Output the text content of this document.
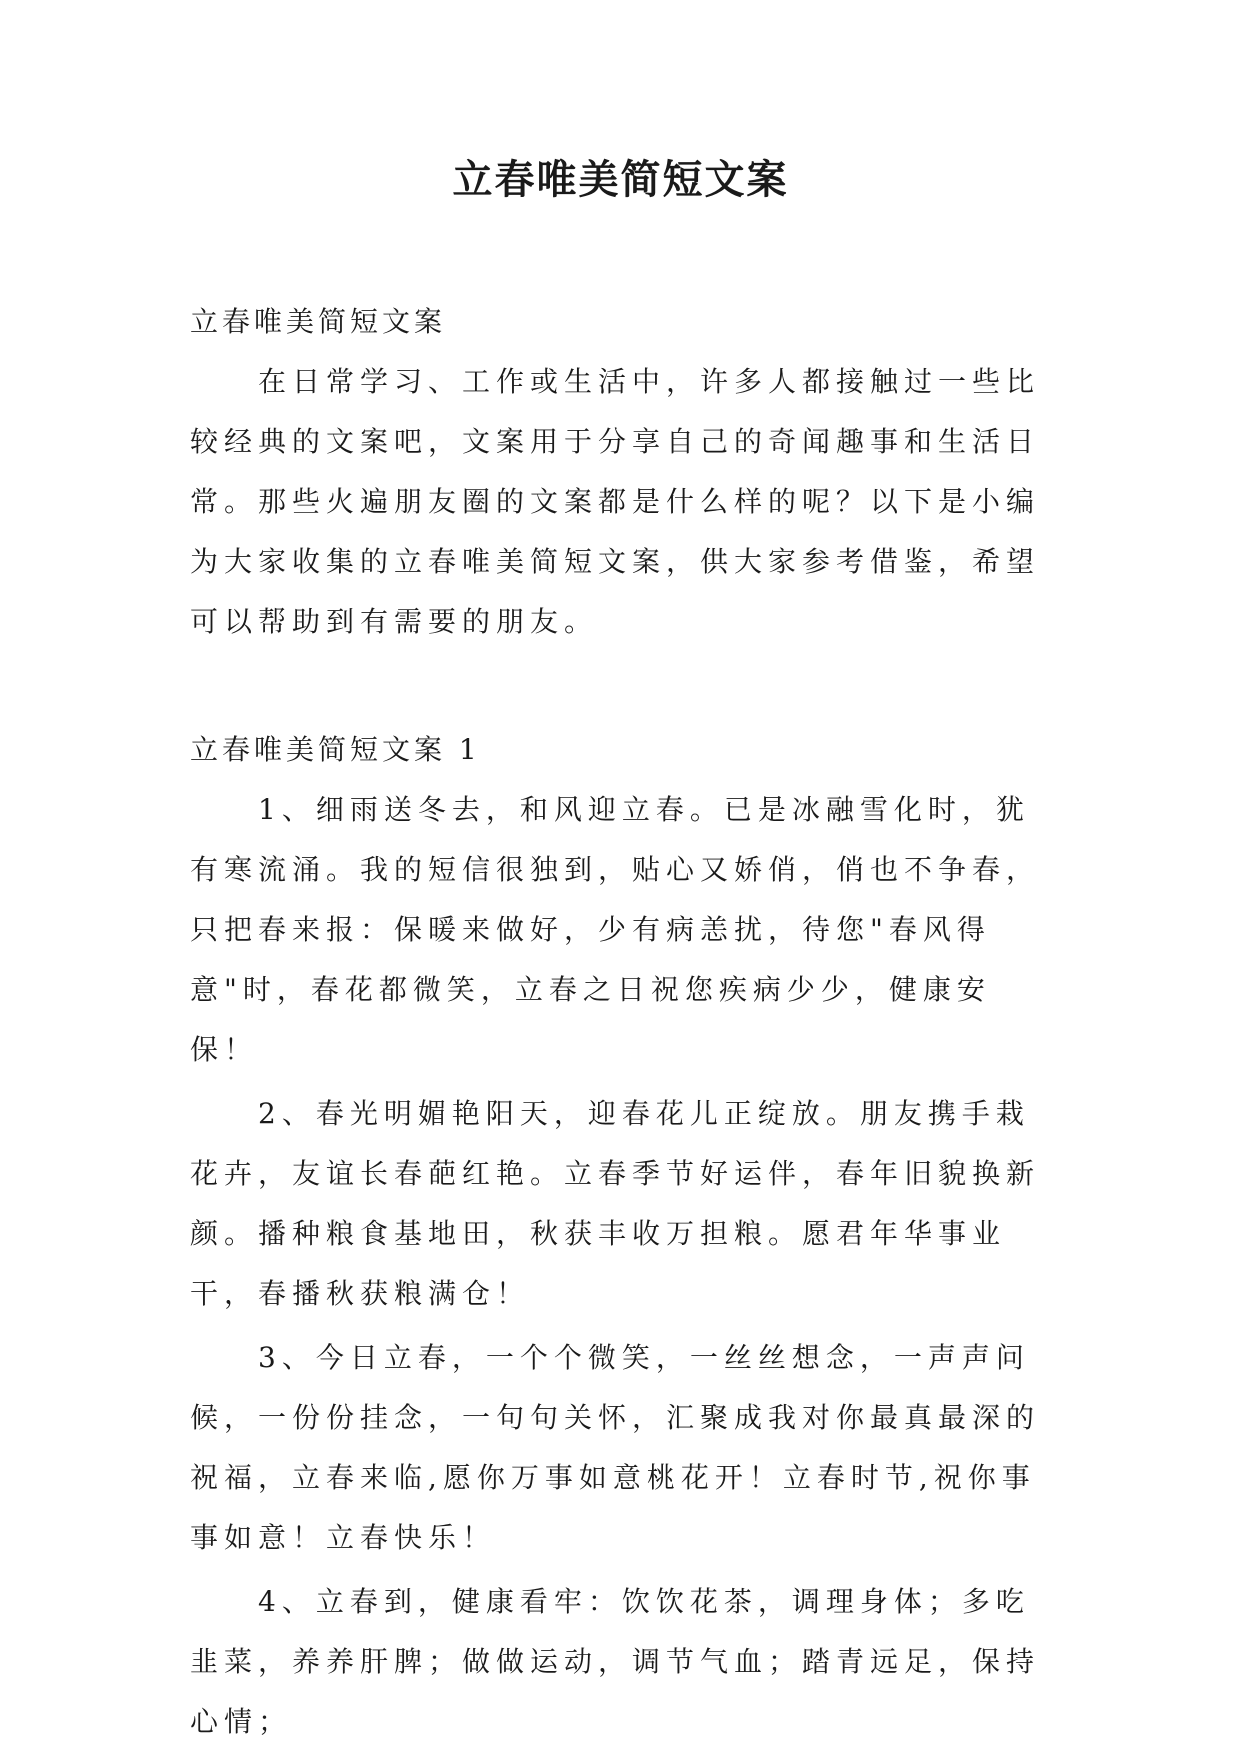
立春唯美简短文案

立春唯美简短文案

在日常学习、工作或生活中，许多人都接触过一些比较经典的文案吧，文案用于分享自己的奇闻趣事和生活日常。那些火遍朋友圈的文案都是什么样的呢？以下是小编为大家收集的立春唯美简短文案，供大家参考借鉴，希望可以帮助到有需要的朋友。

立春唯美简短文案 1

1、细雨送冬去，和风迎立春。已是冰融雪化时，犹有寒流涌。我的短信很独到，贴心又娇俏，俏也不争春，只把春来报：保暖来做好，少有病恙扰，待您"春风得意"时，春花都微笑，立春之日祝您疾病少少，健康安保！

2、春光明媚艳阳天，迎春花儿正绽放。朋友携手栽花卉，友谊长春葩红艳。立春季节好运伴，春年旧貌换新颜。播种粮食基地田，秋获丰收万担粮。愿君年华事业干，春播秋获粮满仓！

3、今日立春，一个个微笑，一丝丝想念，一声声问候，一份份挂念，一句句关怀，汇聚成我对你最真最深的祝福，立春来临,愿你万事如意桃花开！立春时节,祝你事事如意！立春快乐！

4、立春到，健康看牢：饮饮花茶，调理身体；多吃韭菜，养养肝脾；做做运动，调节气血；踏青远足，保持心情；
